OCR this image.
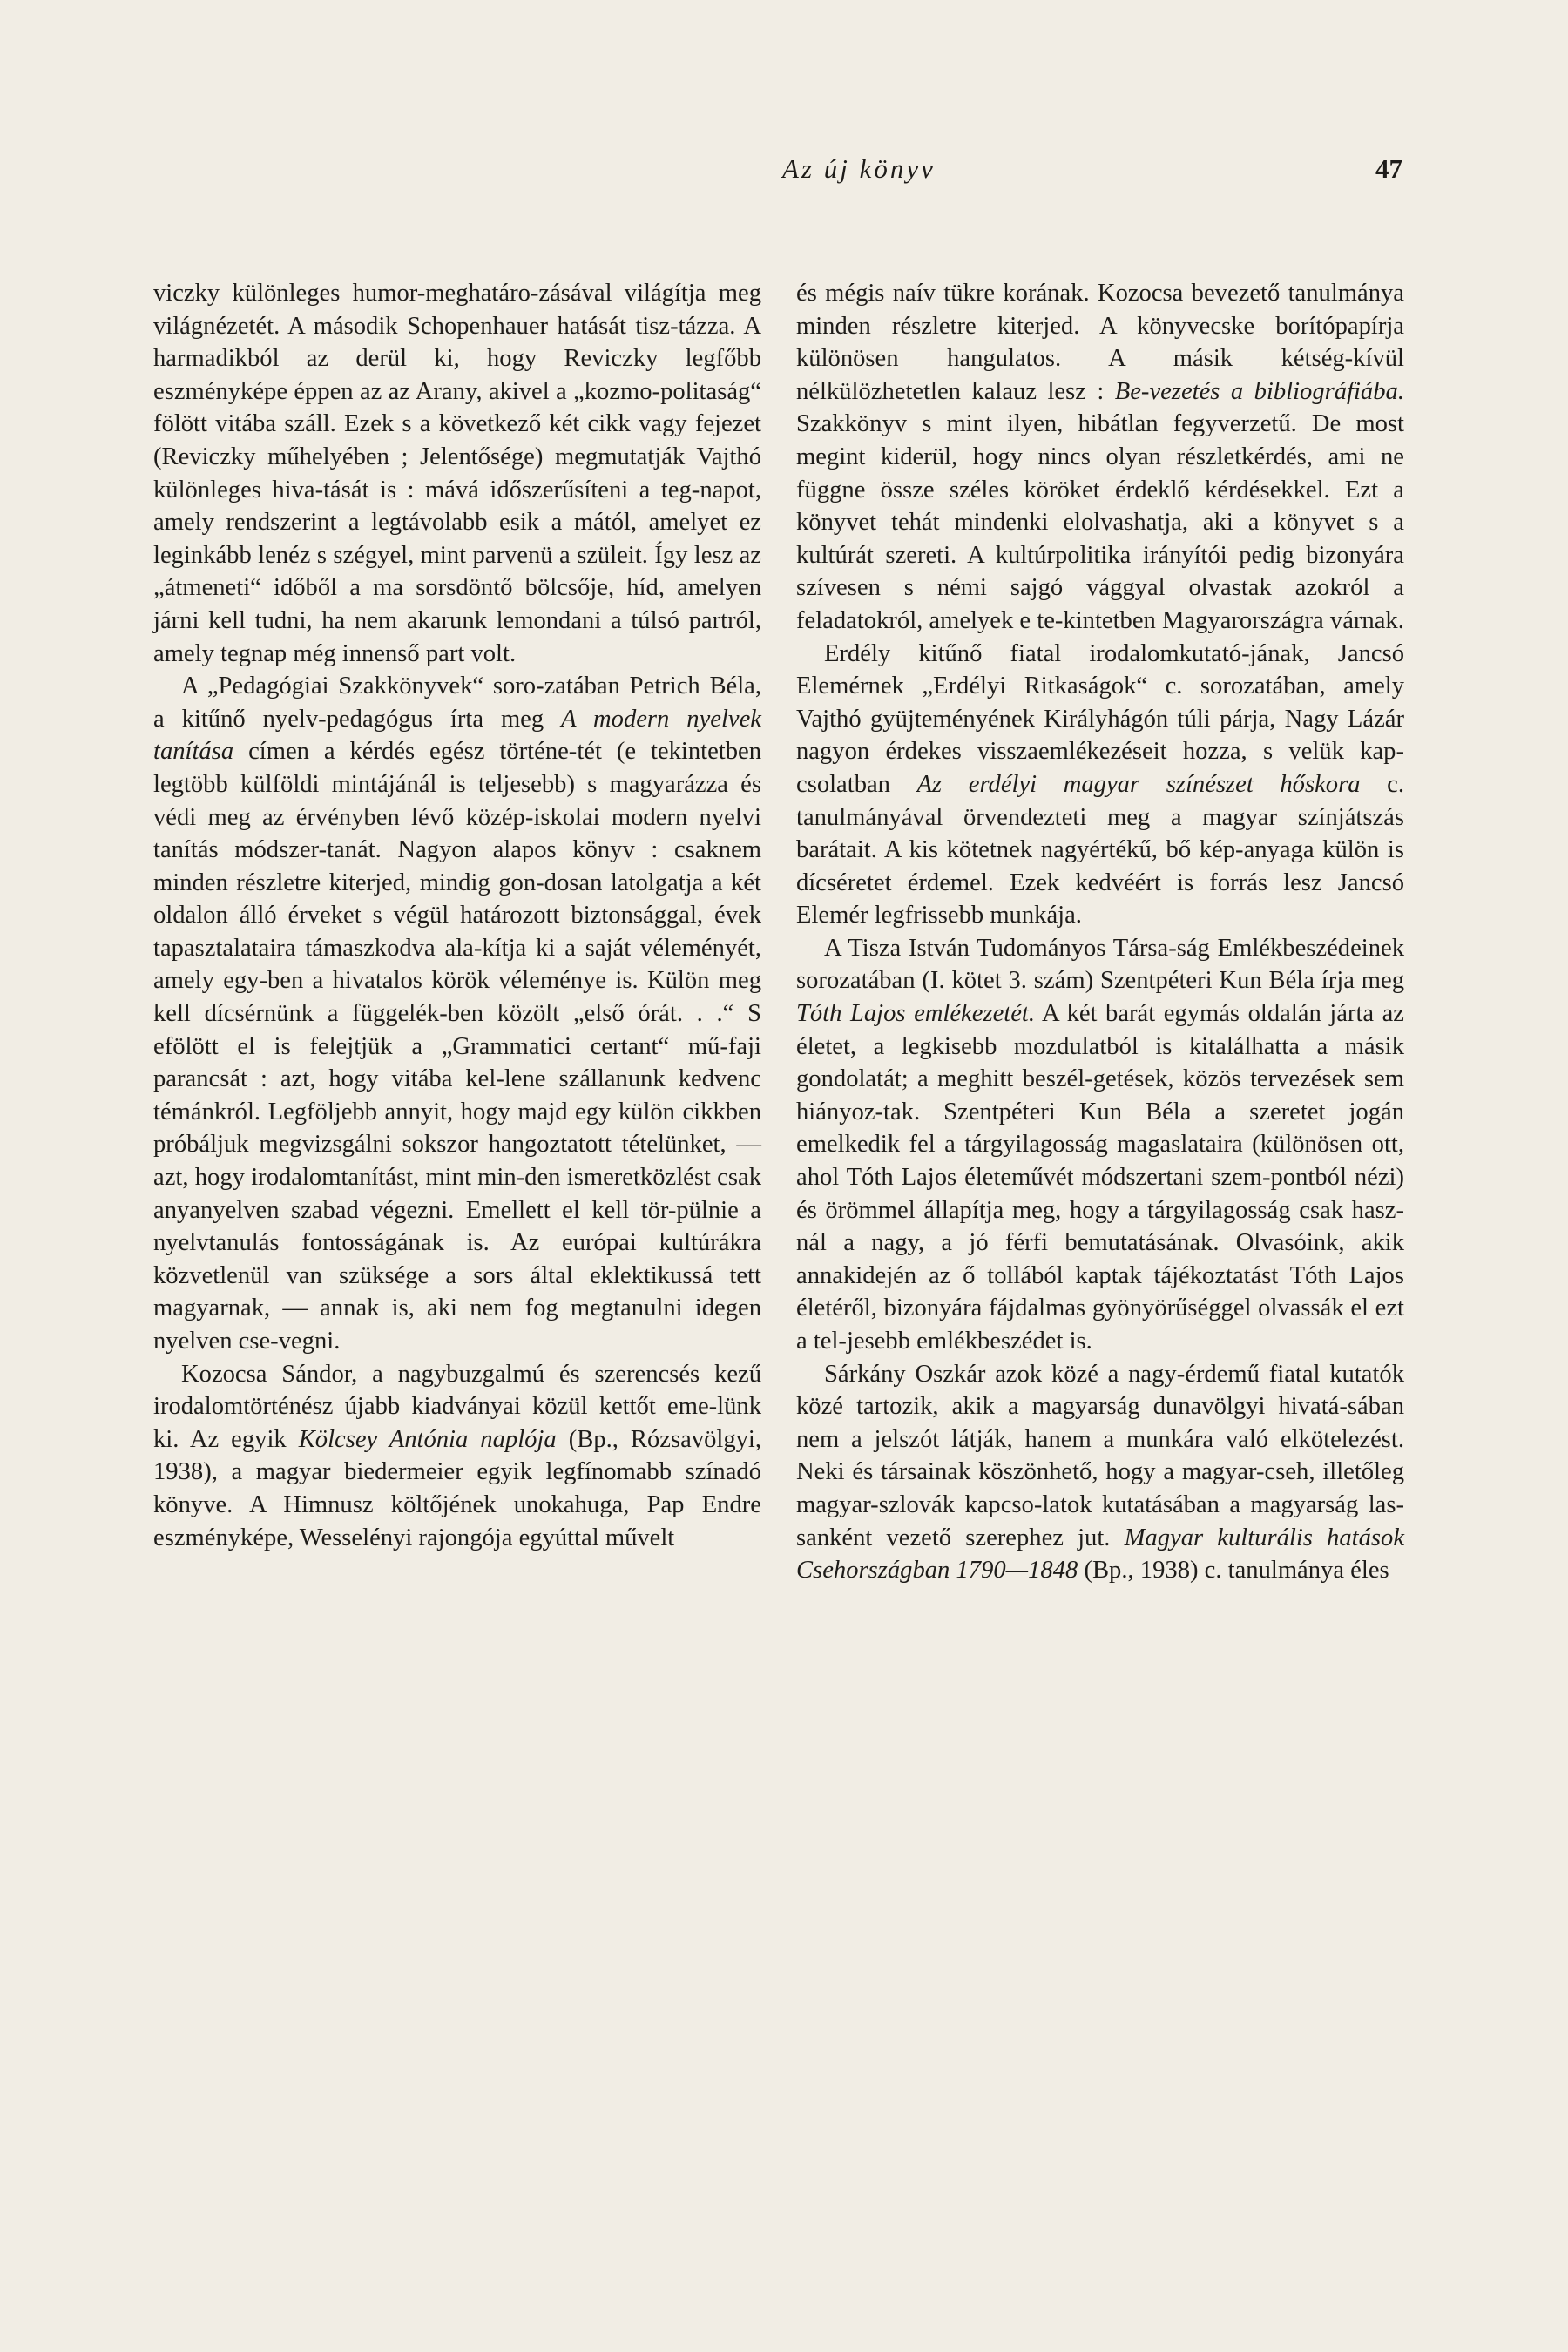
Az új könyv	47

viczky különleges humor-meghatáro-zásával világítja meg világnézetét. A második Schopenhauer hatását tisz-tázza. A harmadikból az derül ki, hogy Reviczky legfőbb eszményképe éppen az az Arany, akivel a „kozmo-politaság“ fölött vitába száll. Ezek s a következő két cikk vagy fejezet (Reviczky műhelyében ; Jelentősége) megmutatják Vajthó különleges hiva-tását is : mává időszerűsíteni a teg-napot, amely rendszerint a legtávolabb esik a mától, amelyet ez leginkább lenéz s szégyel, mint parvenü a szüleit. Így lesz az „átmeneti“ időből a ma sorsdöntő bölcsője, híd, amelyen járni kell tudni, ha nem akarunk lemondani a túlsó partról, amely tegnap még innenső part volt.

A „Pedagógiai Szakkönyvek“ soro-zatában Petrich Béla, a kitűnő nyelv-pedagógus írta meg A modern nyelvek tanítása címen a kérdés egész történe-tét (e tekintetben legtöbb külföldi mintájánál is teljesebb) s magyarázza és védi meg az érvényben lévő közép-iskolai modern nyelvi tanítás módszer-tanát. Nagyon alapos könyv : csaknem minden részletre kiterjed, mindig gon-dosan latolgatja a két oldalon álló érveket s végül határozott biztonsággal, évek tapasztalataira támaszkodva ala-kítja ki a saját véleményét, amely egy-ben a hivatalos körök véleménye is. Külön meg kell dícsérnünk a függelék-ben közölt „első órát. . .“ S efölött el is felejtjük a „Grammatici certant“ mű-faji parancsát : azt, hogy vitába kel-lene szállanunk kedvenc témánkról. Legföljebb annyit, hogy majd egy külön cikkben próbáljuk megvizsgálni sokszor hangoztatott tételünket, — azt, hogy irodalomtanítást, mint min-den ismeretközlést csak anyanyelven szabad végezni. Emellett el kell tör-pülnie a nyelvtanulás fontosságának is. Az európai kultúrákra közvetlenül van szüksége a sors által eklektikussá tett magyarnak, — annak is, aki nem fog megtanulni idegen nyelven cse-vegni.

Kozocsa Sándor, a nagybuzgalmú és szerencsés kezű irodalomtörténész újabb kiadványai közül kettőt eme-lünk ki. Az egyik Kölcsey Antónia naplója (Bp., Rózsavölgyi, 1938), a magyar biedermeier egyik legfínomabb színadó könyve. A Himnusz költőjének unokahuga, Pap Endre eszményképe, Wesselényi rajongója egyúttal művelt

és mégis naív tükre korának. Kozocsa bevezető tanulmánya minden részletre kiterjed. A könyvecske borítópapírja különösen hangulatos. A másik kétség-kívül nélkülözhetetlen kalauz lesz : Be-vezetés a bibliográfiába. Szakkönyv s mint ilyen, hibátlan fegyverzetű. De most megint kiderül, hogy nincs olyan részletkérdés, ami ne függne össze széles köröket érdeklő kérdésekkel. Ezt a könyvet tehát mindenki elolvashatja, aki a könyvet s a kultúrát szereti. A kultúrpolitika irányítói pedig bizonyára szívesen s némi sajgó vággyal olvastak azokról a feladatokról, amelyek e te-kintetben Magyarországra várnak.

Erdély kitűnő fiatal irodalomkutató-jának, Jancsó Elemérnek „Erdélyi Ritkaságok“ c. sorozatában, amely Vajthó gyüjteményének Királyhágón túli párja, Nagy Lázár nagyon érdekes visszaemlékezéseit hozza, s velük kap-csolatban Az erdélyi magyar színészet hőskora c. tanulmányával örvendezteti meg a magyar színjátszás barátait. A kis kötetnek nagyértékű, bő kép-anyaga külön is dícséretet érdemel. Ezek kedvéért is forrás lesz Jancsó Elemér legfrissebb munkája.

A Tisza István Tudományos Társa-ság Emlékbeszédeinek sorozatában (I. kötet 3. szám) Szentpéteri Kun Béla írja meg Tóth Lajos emlékezetét. A két barát egymás oldalán járta az életet, a legkisebb mozdulatból is kitalálhatta a másik gondolatát; a meghitt beszél-getések, közös tervezések sem hiányoz-tak. Szentpéteri Kun Béla a szeretet jogán emelkedik fel a tárgyilagosság magaslataira (különösen ott, ahol Tóth Lajos életeművét módszertani szem-pontból nézi) és örömmel állapítja meg, hogy a tárgyilagosság csak hasz-nál a nagy, a jó férfi bemutatásának. Olvasóink, akik annakidején az ő tollából kaptak tájékoztatást Tóth Lajos életéről, bizonyára fájdalmas gyönyörűséggel olvassák el ezt a tel-jesebb emlékbeszédet is.

Sárkány Oszkár azok közé a nagy-érdemű fiatal kutatók közé tartozik, akik a magyarság dunavölgyi hivatá-sában nem a jelszót látják, hanem a munkára való elkötelezést. Neki és társainak köszönhető, hogy a magyar-cseh, illetőleg magyar-szlovák kapcso-latok kutatásában a magyarság las-sanként vezető szerephez jut. Magyar kulturális hatások Csehországban 1790—1848 (Bp., 1938) c. tanulmánya éles
